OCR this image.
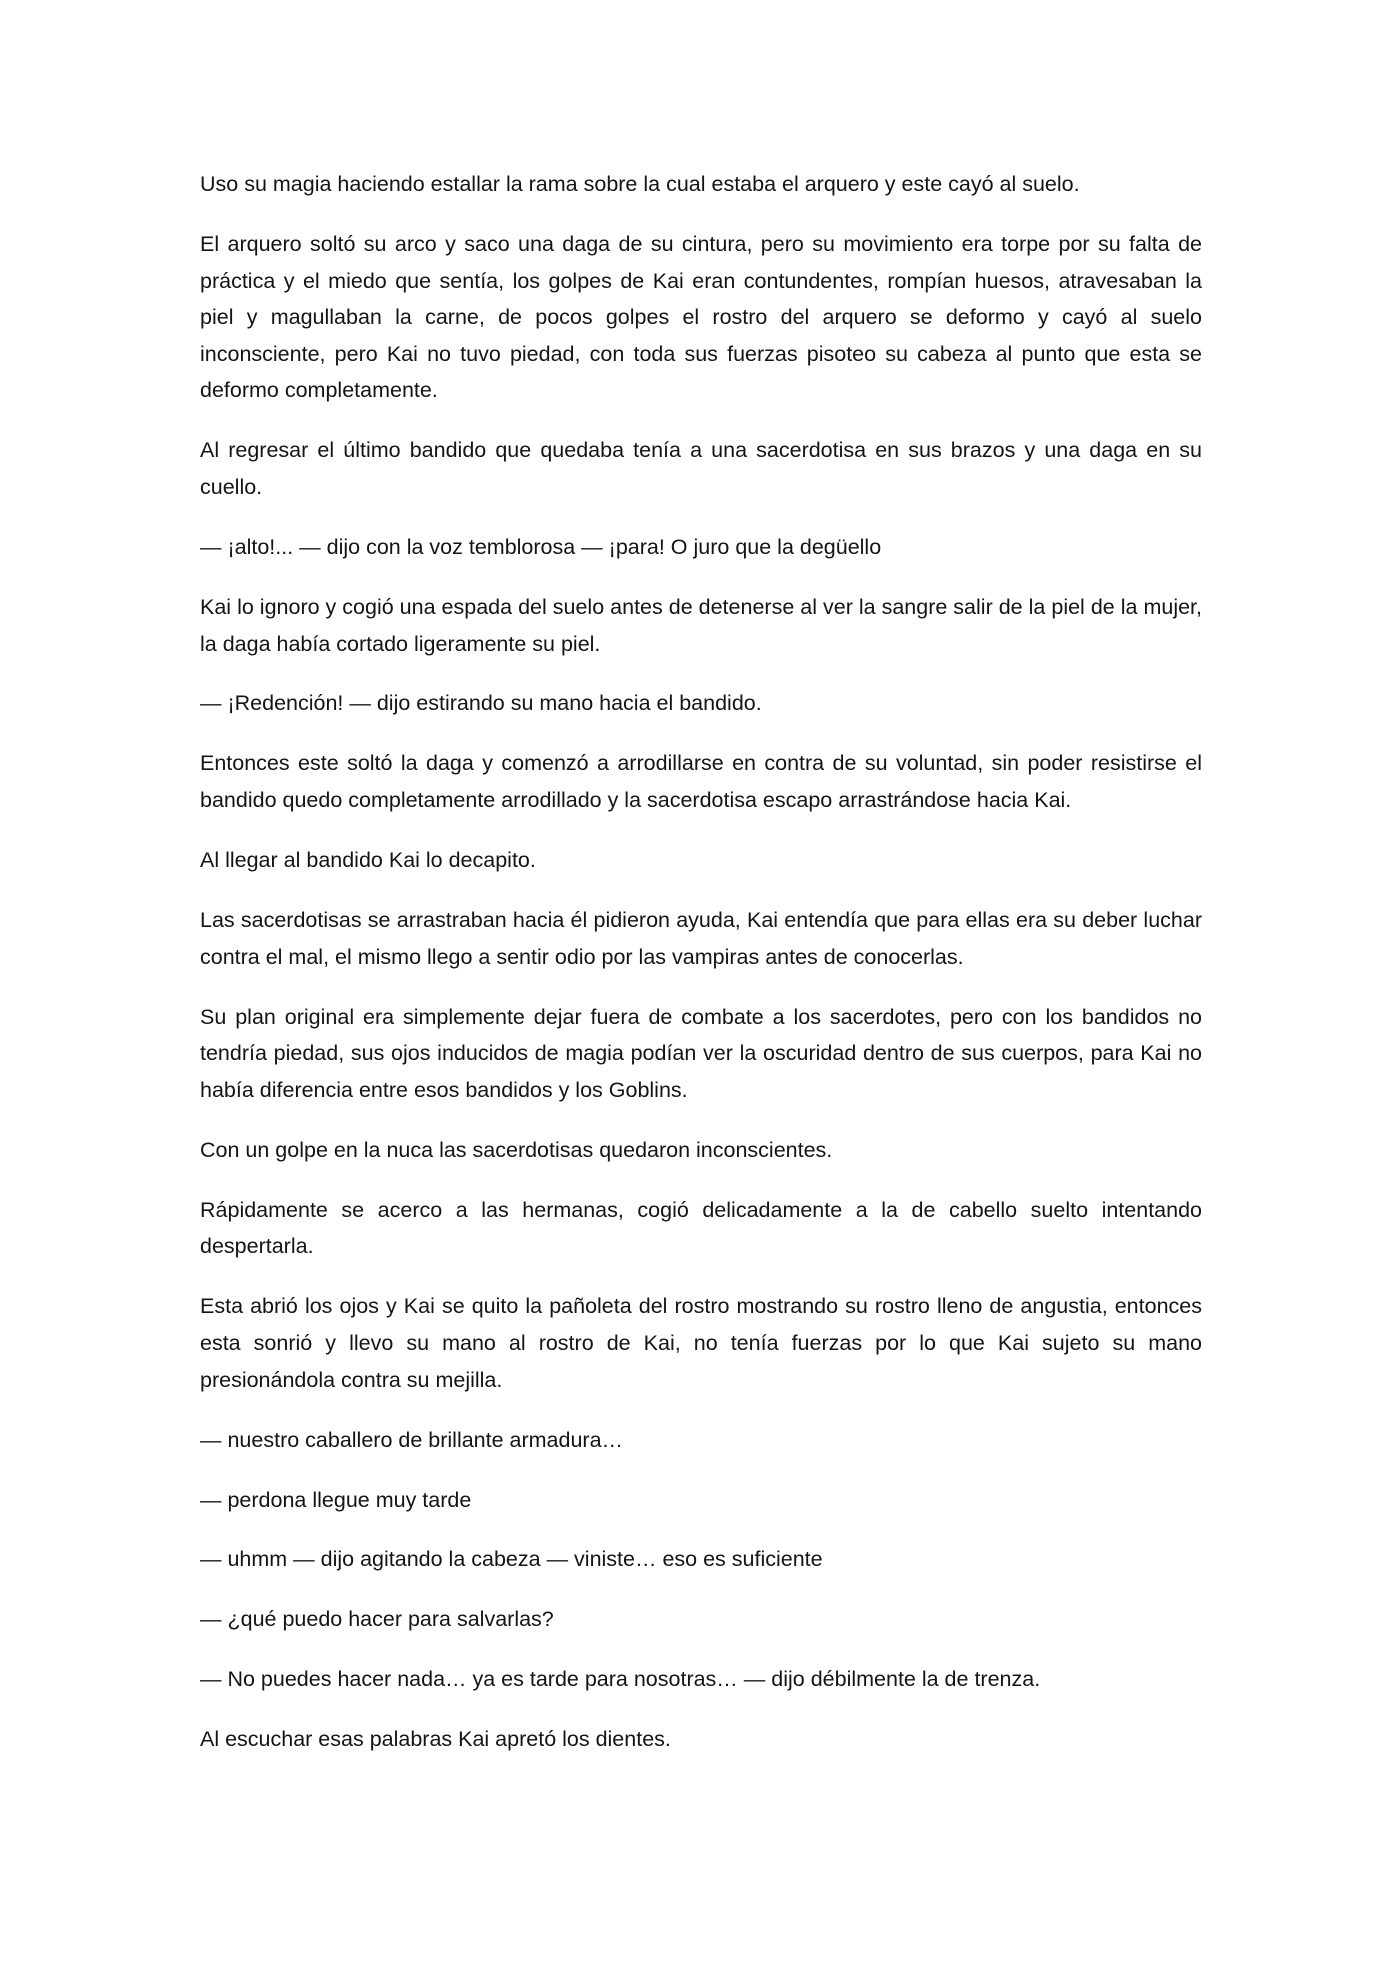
Uso su magia haciendo estallar la rama sobre la cual estaba el arquero y este cayó al suelo.

El arquero soltó su arco y saco una daga de su cintura, pero su movimiento era torpe por su falta de práctica y el miedo que sentía, los golpes de Kai eran contundentes, rompían huesos, atravesaban la piel y magullaban la carne, de pocos golpes el rostro del arquero se deformo y cayó al suelo inconsciente, pero Kai no tuvo piedad, con toda sus fuerzas pisoteo su cabeza al punto que esta se deformo completamente.

Al regresar el último bandido que quedaba tenía a una sacerdotisa en sus brazos y una daga en su cuello.

— ¡alto!... — dijo con la voz temblorosa — ¡para! O juro que la degüello

Kai lo ignoro y cogió una espada del suelo antes de detenerse al ver la sangre salir de la piel de la mujer, la daga había cortado ligeramente su piel.

— ¡Redención! — dijo estirando su mano hacia el bandido.

Entonces este soltó la daga y comenzó a arrodillarse en contra de su voluntad, sin poder resistirse el bandido quedo completamente arrodillado y la sacerdotisa escapo arrastrándose hacia Kai.

Al llegar al bandido Kai lo decapito.

Las sacerdotisas se arrastraban hacia él pidieron ayuda, Kai entendía que para ellas era su deber luchar contra el mal, el mismo llego a sentir odio por las vampiras antes de conocerlas.

Su plan original era simplemente dejar fuera de combate a los sacerdotes, pero con los bandidos no tendría piedad, sus ojos inducidos de magia podían ver la oscuridad dentro de sus cuerpos, para Kai no había diferencia entre esos bandidos y los Goblins.

Con un golpe en la nuca las sacerdotisas quedaron inconscientes.

Rápidamente se acerco a las hermanas, cogió delicadamente a la de cabello suelto intentando despertarla.

Esta abrió los ojos y Kai se quito la pañoleta del rostro mostrando su rostro lleno de angustia, entonces esta sonrió y llevo su mano al rostro de Kai, no tenía fuerzas por lo que Kai sujeto su mano presionándola contra su mejilla.

— nuestro caballero de brillante armadura…

— perdona llegue muy tarde

— uhmm — dijo agitando la cabeza — viniste… eso es suficiente

— ¿qué puedo hacer para salvarlas?

— No puedes hacer nada… ya es tarde para nosotras… — dijo débilmente la de trenza.

Al escuchar esas palabras Kai apretó los dientes.
